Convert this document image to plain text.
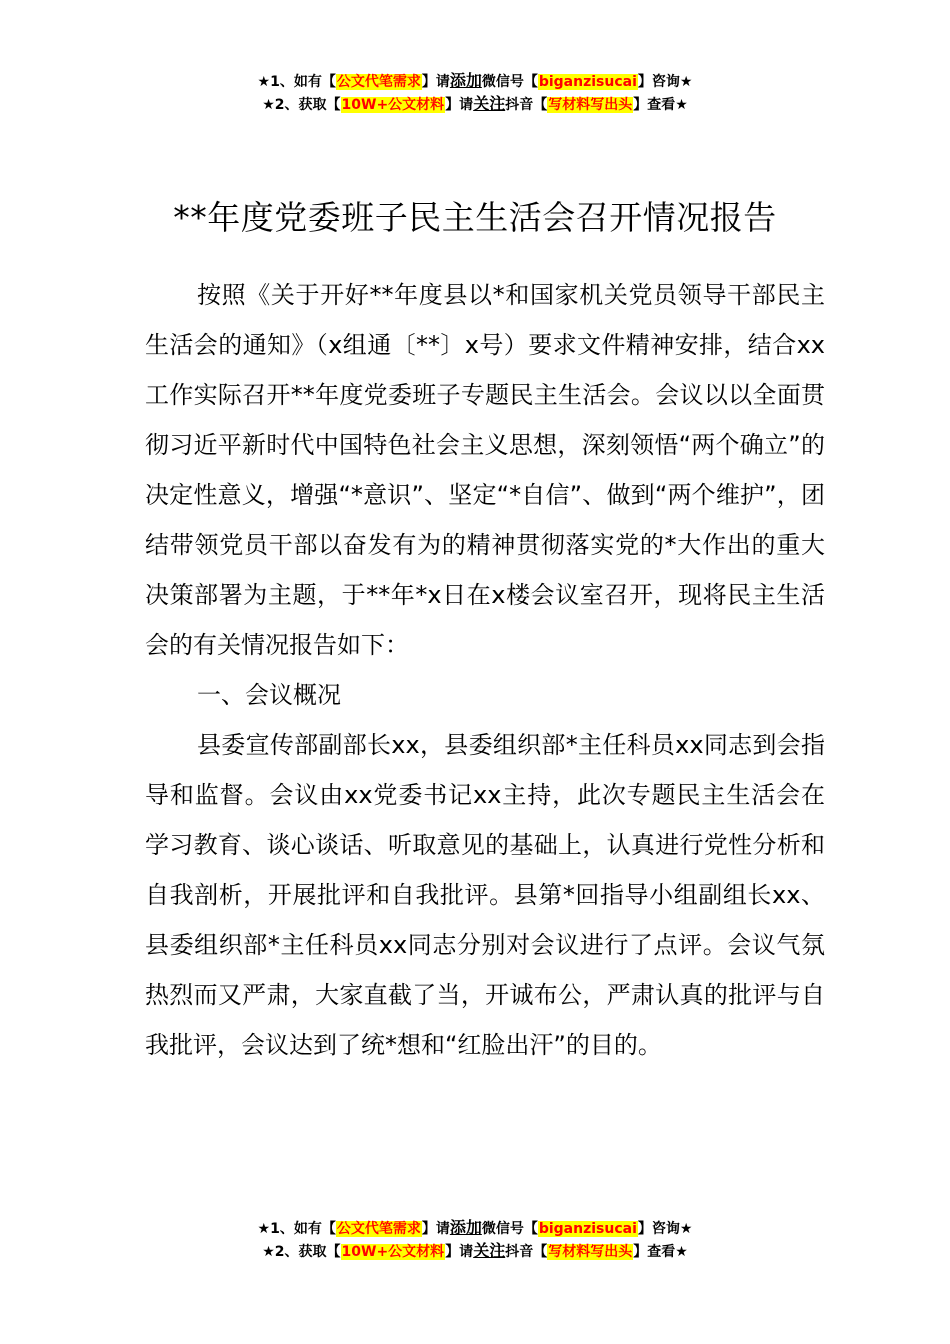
★1、如有【公文代笔需求】请添加微信号【biganzisucai】咨询★
★2、获取【10W+公文材料】请关注抖音【写材料写出头】查看★
**年度党委班子民主生活会召开情况报告

按照《关于开好**年度县以*和国家机关党员领导干部民主生活会的通知》（x组通〔**〕x号）要求文件精神安排，结合xx工作实际召开**年度党委班子专题民主生活会。会议以以全面贯彻习近平新时代中国特色社会主义思想，深刻领悟“两个确立”的决定性意义，增强“*意识”、坚定“*自信”、做到“两个维护”，团结带领党员干部以奋发有为的精神贯彻落实党的*大作出的重大决策部署为主题，于**年*x日在x楼会议室召开，现将民主生活会的有关情况报告如下：

一、会议概况

县委宣传部副部长xx，县委组织部*主任科员xx同志到会指导和监督。会议由xx党委书记xx主持，此次专题民主生活会在学习教育、谈心谈话、听取意见的基础上，认真进行党性分析和自我剖析，开展批评和自我批评。县第*回指导小组副组长xx、县委组织部*主任科员xx同志分别对会议进行了点评。会议气氛热烈而又严肃，大家直截了当，开诚布公，严肃认真的批评与自我批评，会议达到了统*想和“红脸出汗”的目的。

★1、如有【公文代笔需求】请添加微信号【biganzisucai】咨询★
★2、获取【10W+公文材料】请关注抖音【写材料写出头】查看★
